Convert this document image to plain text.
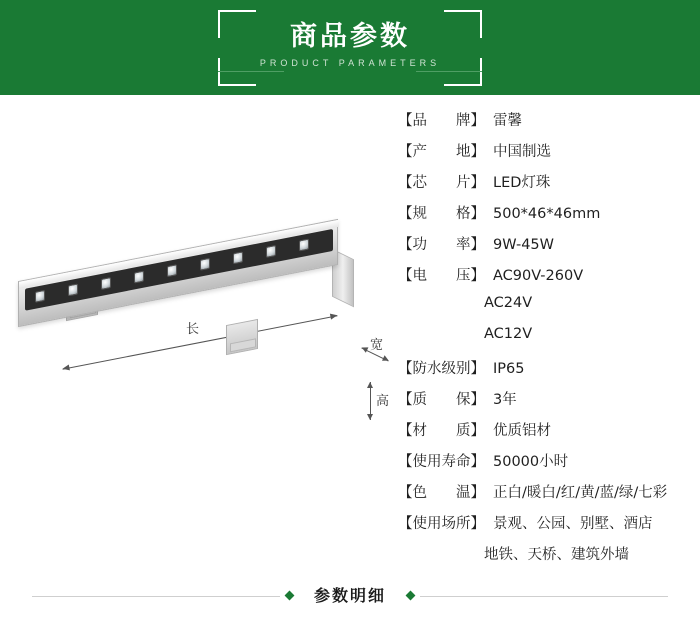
商品参数
PRODUCT PARAMETERS
长
宽
高
【品　　牌】 雷馨
【产　　地】 中国制选
【芯　　片】 LED灯珠
【规　　格】 500*46*46mm
【功　　率】 9W-45W
【电　　压】 AC90V-260V
AC24V
AC12V
【防水级别】 IP65
【质　　保】 3年
【材　　质】 优质铝材
【使用寿命】 50000小时
【色　　温】 正白/暖白/红/黄/蓝/绿/七彩
【使用场所】 景观、公园、别墅、酒店
地铁、天桥、建筑外墙
参数明细
